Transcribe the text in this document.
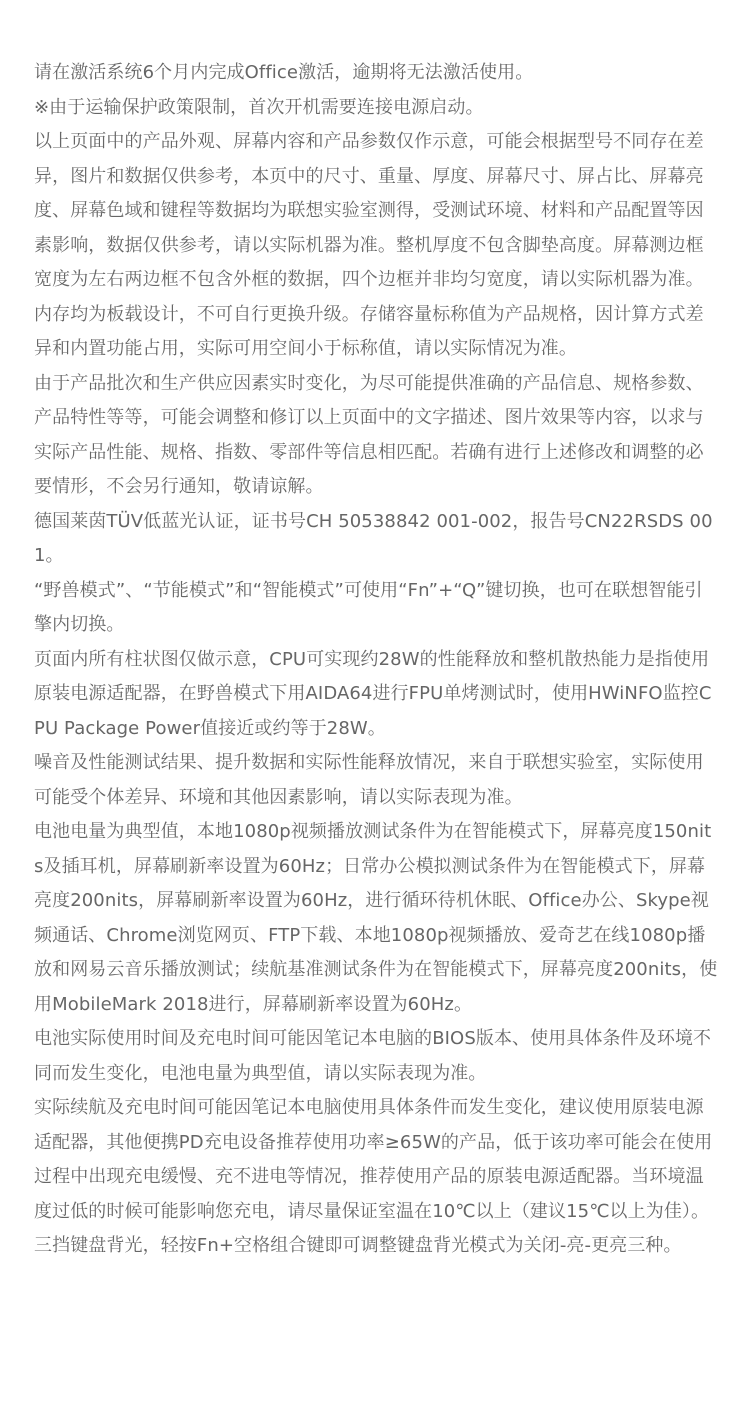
请在激活系统6个月内完成Office激活，逾期将无法激活使用。

※由于运输保护政策限制，首次开机需要连接电源启动。

以上页面中的产品外观、屏幕内容和产品参数仅作示意，可能会根据型号不同存在差异，图片和数据仅供参考，本页中的尺寸、重量、厚度、屏幕尺寸、屏占比、屏幕亮度、屏幕色域和键程等数据均为联想实验室测得，受测试环境、材料和产品配置等因素影响，数据仅供参考，请以实际机器为准。整机厚度不包含脚垫高度。屏幕测边框宽度为左右两边框不包含外框的数据，四个边框并非均匀宽度，请以实际机器为准。

内存均为板载设计，不可自行更换升级。存储容量标称值为产品规格，因计算方式差异和内置功能占用，实际可用空间小于标称值，请以实际情况为准。

由于产品批次和生产供应因素实时变化，为尽可能提供准确的产品信息、规格参数、产品特性等等，可能会调整和修订以上页面中的文字描述、图片效果等内容，以求与实际产品性能、规格、指数、零部件等信息相匹配。若确有进行上述修改和调整的必要情形，不会另行通知，敬请谅解。

德国莱茵TÜV低蓝光认证，证书号CH 50538842 001-002，报告号CN22RSDS 001。

“野兽模式”、“节能模式”和“智能模式”可使用“Fn”+“Q”键切换，也可在联想智能引擎内切换。

页面内所有柱状图仅做示意，CPU可实现约28W的性能释放和整机散热能力是指使用原装电源适配器，在野兽模式下用AIDA64进行FPU单烤测试时，使用HWiNFO监控CPU Package Power值接近或约等于28W。

噪音及性能测试结果、提升数据和实际性能释放情况，来自于联想实验室，实际使用可能受个体差异、环境和其他因素影响，请以实际表现为准。

电池电量为典型值，本地1080p视频播放测试条件为在智能模式下，屏幕亮度150nits及插耳机，屏幕刷新率设置为60Hz；日常办公模拟测试条件为在智能模式下，屏幕亮度200nits，屏幕刷新率设置为60Hz，进行循环待机休眠、Office办公、Skype视频通话、Chrome浏览网页、FTP下载、本地1080p视频播放、爱奇艺在线1080p播放和网易云音乐播放测试；续航基准测试条件为在智能模式下，屏幕亮度200nits，使用MobileMark 2018进行，屏幕刷新率设置为60Hz。

电池实际使用时间及充电时间可能因笔记本电脑的BIOS版本、使用具体条件及环境不同而发生变化，电池电量为典型值，请以实际表现为准。

实际续航及充电时间可能因笔记本电脑使用具体条件而发生变化，建议使用原装电源适配器，其他便携PD充电设备推荐使用功率≥65W的产品，低于该功率可能会在使用过程中出现充电缓慢、充不进电等情况，推荐使用产品的原装电源适配器。当环境温度过低的时候可能影响您充电，请尽量保证室温在10℃以上（建议15℃以上为佳）。

三挡键盘背光，轻按Fn+空格组合键即可调整键盘背光模式为关闭-亮-更亮三种。
